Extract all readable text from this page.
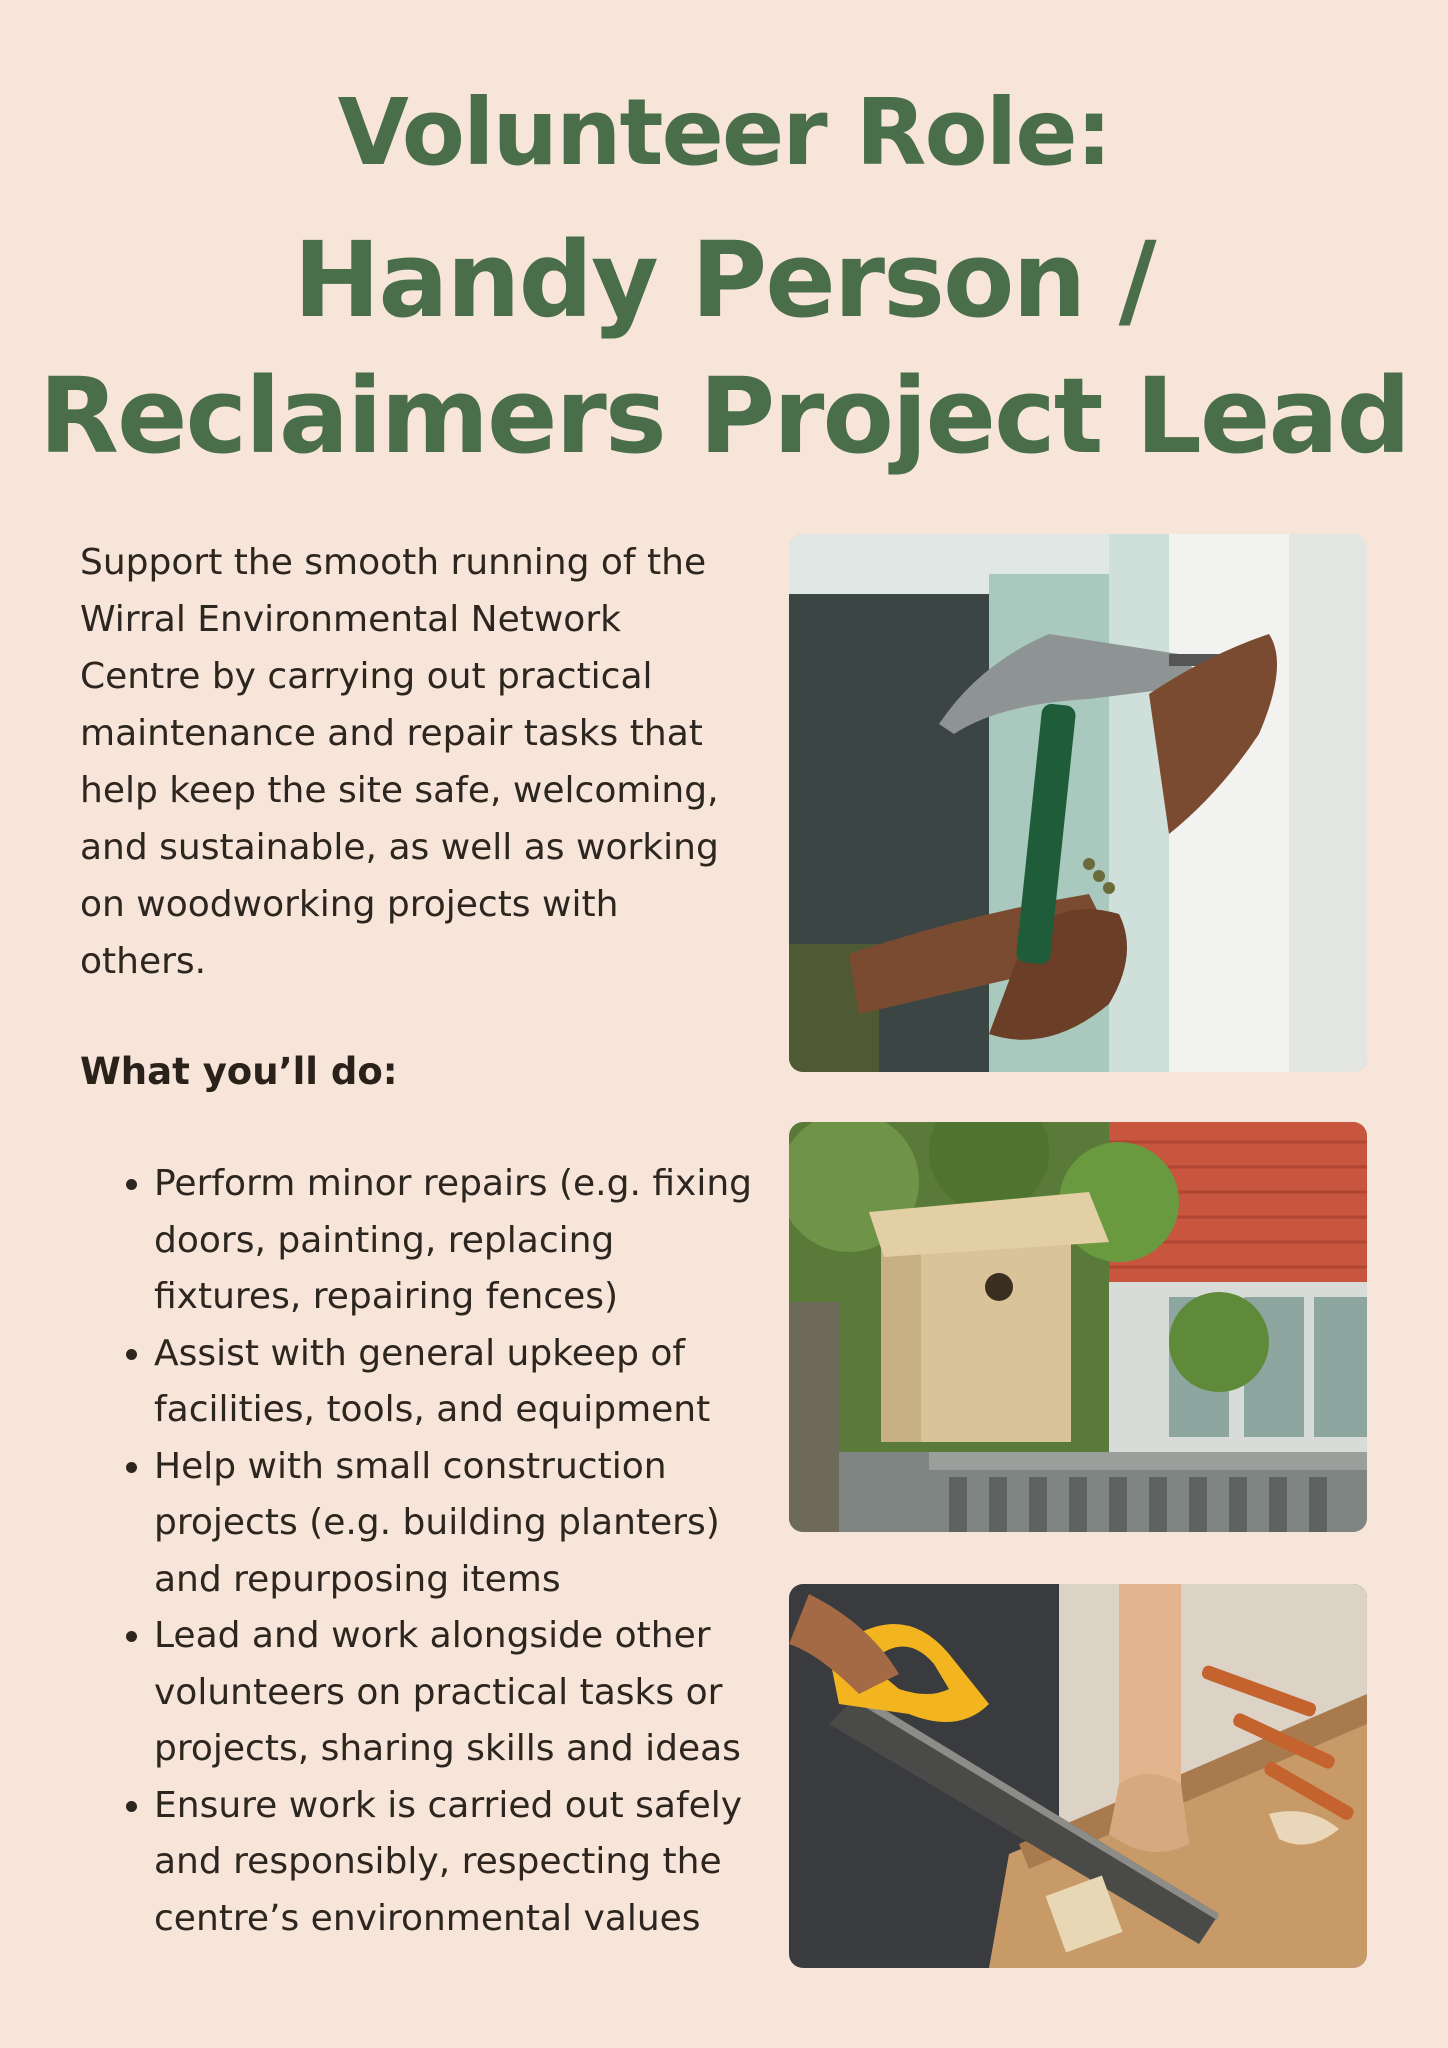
Volunteer Role:
Handy Person /
Reclaimers Project Lead

Support the smooth running of the Wirral Environmental Network Centre by carrying out practical maintenance and repair tasks that help keep the site safe, welcoming, and sustainable, as well as working on woodworking projects with others.

What you’ll do:
• Perform minor repairs (e.g. fixing doors, painting, replacing fixtures, repairing fences)
• Assist with general upkeep of facilities, tools, and equipment
• Help with small construction projects (e.g. building planters) and repurposing items
• Lead and work alongside other volunteers on practical tasks or projects, sharing skills and ideas
• Ensure work is carried out safely and responsibly, respecting the centre’s environmental values
